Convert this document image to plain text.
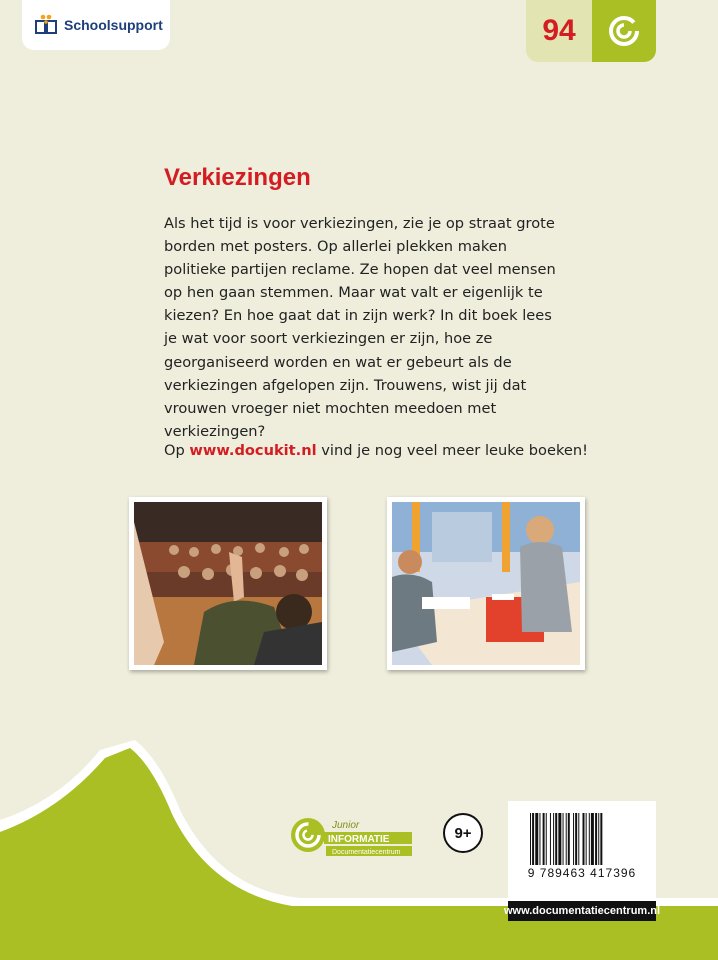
Schoolsupport	94
Verkiezingen

Als het tijd is voor verkiezingen, zie je op straat grote borden met posters. Op allerlei plekken maken politieke partijen reclame. Ze hopen dat veel mensen op hen gaan stemmen. Maar wat valt er eigenlijk te kiezen? En hoe gaat dat in zijn werk? In dit boek lees je wat voor soort verkiezingen er zijn, hoe ze georganiseerd worden en wat er gebeurt als de verkiezingen afgelopen zijn. Trouwens, wist jij dat vrouwen vroeger niet mochten meedoen met verkiezingen?

Op www.docukit.nl vind je nog veel meer leuke boeken!

Junior
INFORMATIE
Documentatiecentrum
9+
9 789463 417396
www.documentatiecentrum.nl
